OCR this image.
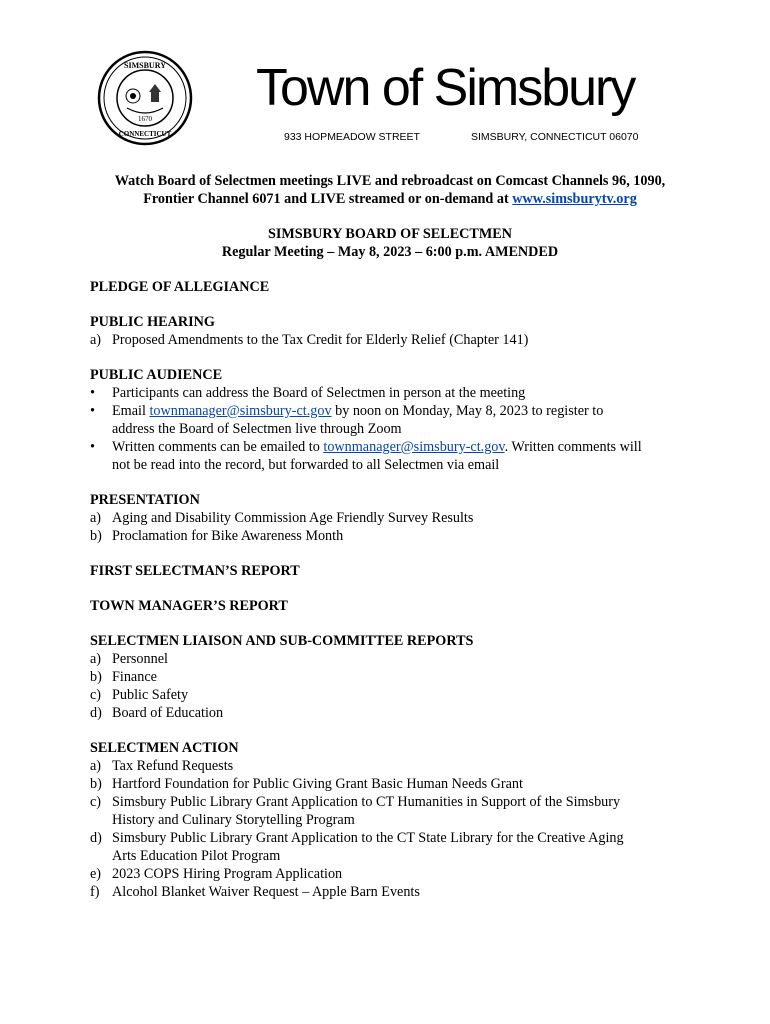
SIMSBURY
CONNECTICUT
1670
Town of Simsbury
933 HOPMEADOW STREET	SIMSBURY, CONNECTICUT 06070

Watch Board of Selectmen meetings LIVE and rebroadcast on Comcast Channels 96, 1090,

Frontier Channel 6071 and LIVE streamed or on-demand at www.simsburytv.org

SIMSBURY BOARD OF SELECTMEN

Regular Meeting – May 8, 2023 – 6:00 p.m. AMENDED

PLEDGE OF ALLEGIANCE
PUBLIC HEARING
a) Proposed Amendments to the Tax Credit for Elderly Relief (Chapter 141)
PUBLIC AUDIENCE
•	Participants can address the Board of Selectmen in person at the meeting
•	Email townmanager@simsbury-ct.gov by noon on Monday, May 8, 2023 to register to
address the Board of Selectmen live through Zoom
•	Written comments can be emailed to townmanager@simsbury-ct.gov. Written comments will
not be read into the record, but forwarded to all Selectmen via email
PRESENTATION
a) Aging and Disability Commission Age Friendly Survey Results
b) Proclamation for Bike Awareness Month
FIRST SELECTMAN’S REPORT
TOWN MANAGER’S REPORT
SELECTMEN LIAISON AND SUB-COMMITTEE REPORTS
a) Personnel
b) Finance
c) Public Safety
d) Board of Education
SELECTMEN ACTION
a) Tax Refund Requests
b) Hartford Foundation for Public Giving Grant Basic Human Needs Grant
c) Simsbury Public Library Grant Application to CT Humanities in Support of the Simsbury
History and Culinary Storytelling Program
d) Simsbury Public Library Grant Application to the CT State Library for the Creative Aging
Arts Education Pilot Program
e) 2023 COPS Hiring Program Application
f) Alcohol Blanket Waiver Request – Apple Barn Events
